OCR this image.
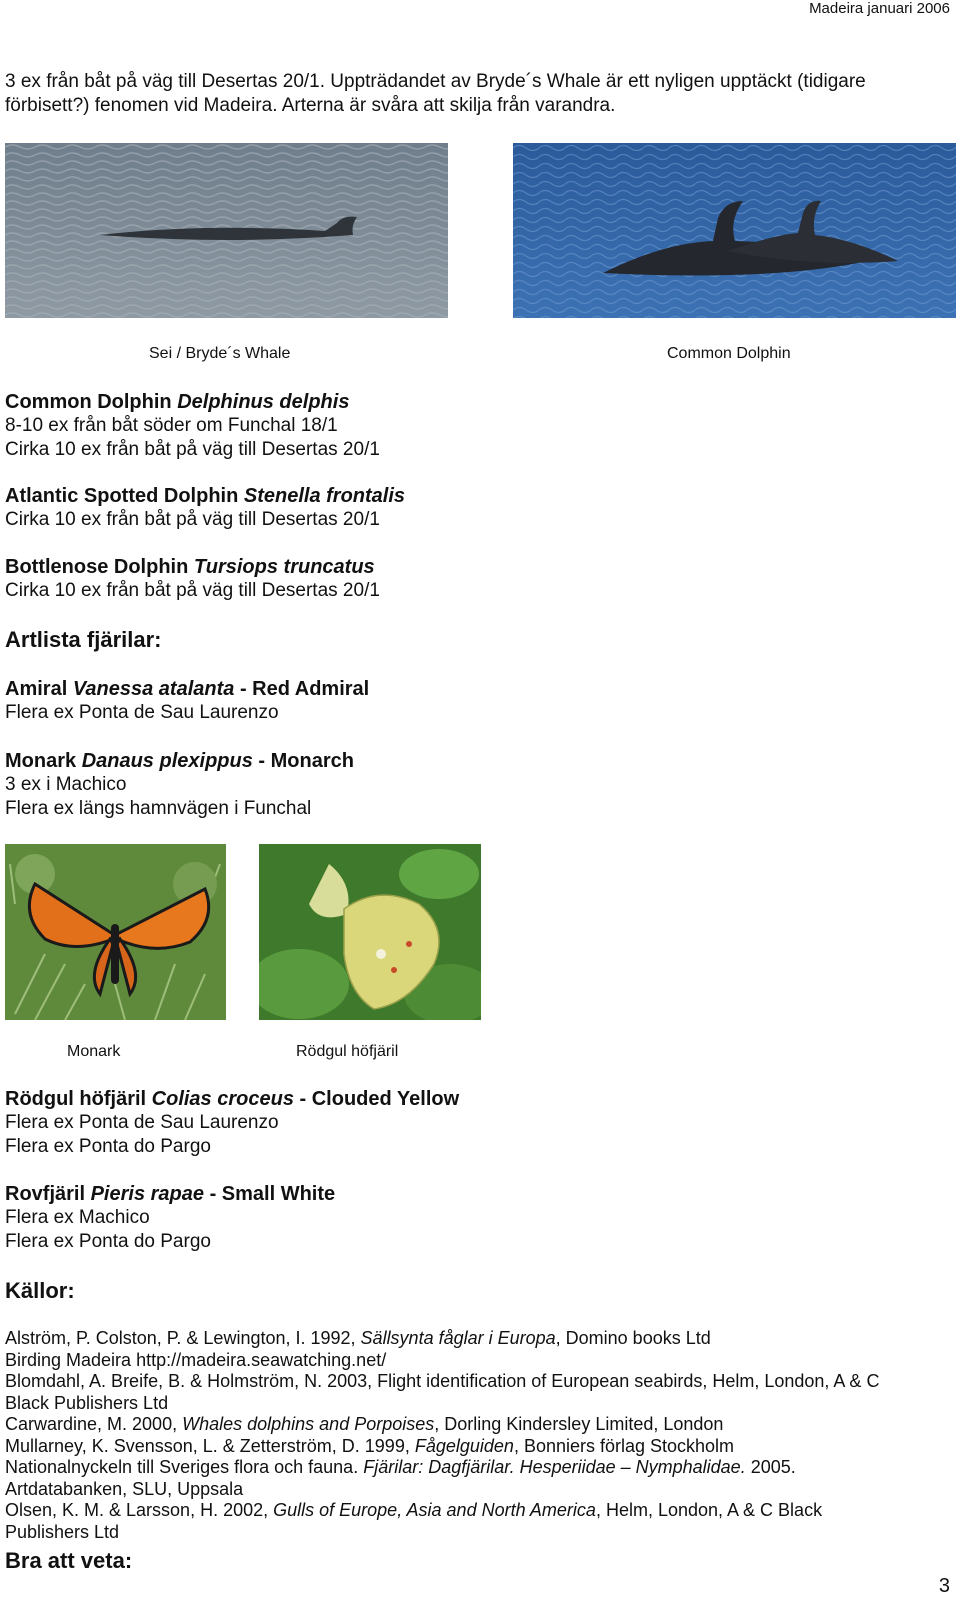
Madeira januari 2006
3 ex från båt på väg till Desertas 20/1. Uppträdandet av Bryde´s Whale är ett nyligen upptäckt (tidigare
förbisett?) fenomen vid Madeira. Arterna är svåra att skilja från varandra.
Sei / Bryde´s Whale	Common Dolphin
Common Dolphin Delphinus delphis
8-10 ex från båt söder om Funchal 18/1
Cirka 10 ex från båt på väg till Desertas 20/1
Atlantic Spotted Dolphin Stenella frontalis
Cirka 10 ex från båt på väg till Desertas 20/1
Bottlenose Dolphin Tursiops truncatus
Cirka 10 ex från båt på väg till Desertas 20/1
Artlista fjärilar:
Amiral Vanessa atalanta - Red Admiral
Flera ex Ponta de Sau Laurenzo
Monark Danaus plexippus - Monarch
3 ex i Machico
Flera ex längs hamnvägen i Funchal
Monark	Rödgul höfjäril
Rödgul höfjäril Colias croceus - Clouded Yellow
Flera ex Ponta de Sau Laurenzo
Flera ex Ponta do Pargo
Rovfjäril Pieris rapae - Small White
Flera ex Machico
Flera ex Ponta do Pargo
Källor:
Alström, P. Colston, P. & Lewington, I. 1992, Sällsynta fåglar i Europa, Domino books Ltd
Birding Madeira http://madeira.seawatching.net/
Blomdahl, A. Breife, B. & Holmström, N. 2003, Flight identification of European seabirds, Helm, London, A & C
Black Publishers Ltd
Carwardine, M. 2000, Whales dolphins and Porpoises, Dorling Kindersley Limited, London
Mullarney, K. Svensson, L. & Zetterström, D. 1999, Fågelguiden, Bonniers förlag Stockholm
Nationalnyckeln till Sveriges flora och fauna. Fjärilar: Dagfjärilar. Hesperiidae – Nymphalidae. 2005.
Artdatabanken, SLU, Uppsala
Olsen, K. M. & Larsson, H. 2002, Gulls of Europe, Asia and North America, Helm, London, A & C Black
Publishers Ltd
Bra att veta:
3
